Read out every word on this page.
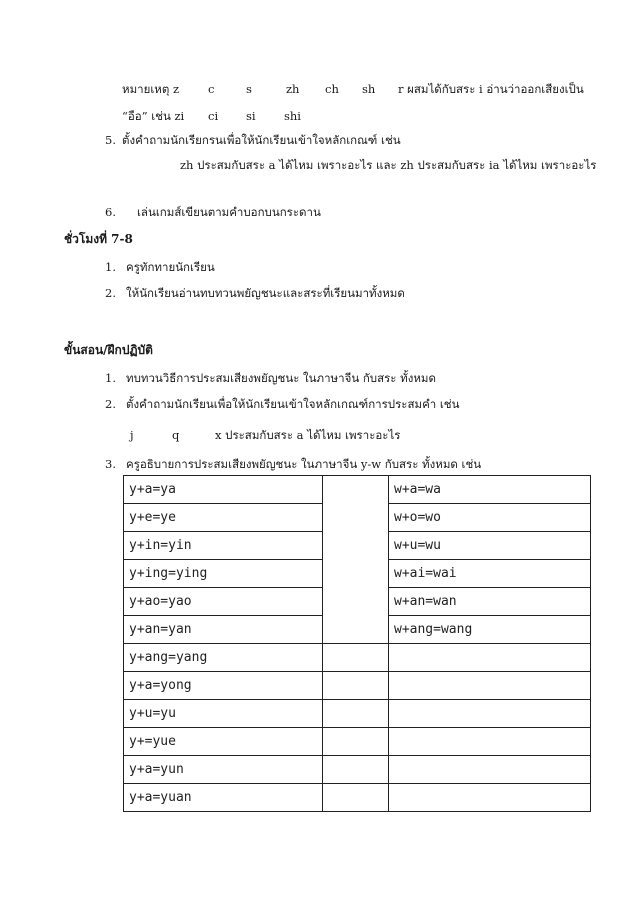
หมายเหตุ z	c	s	zh ch sh r ผสมได้กับสระ i อ่านว่าออกเสียงเป็น
“อือ” เช่น zi ci si shi
5. ตั้งคำถามนักเรียกรนเพื่อให้นักเรียนเข้าใจหลักเกณฑ์ เช่น
zh ประสมกับสระ a ได้ไหม เพราะอะไร และ zh ประสมกับสระ ia ได้ไหม เพราะอะไร
6. เล่นเกมส์เขียนตามคำบอกบนกระดาน
ชั่วโมงที่ 7-8
1. ครูทักทายนักเรียน
2. ให้นักเรียนอ่านทบทวนพยัญชนะและสระที่เรียนมาทั้งหมด
ขั้นสอน/ฝึกปฏิบัติ
1. ทบทวนวิธีการประสมเสียงพยัญชนะ ในภาษาจีน กับสระ ทั้งหมด
2. ตั้งคำถามนักเรียนเพื่อให้นักเรียนเข้าใจหลักเกณฑ์การประสมคำ เช่น
j	q	x ประสมกับสระ a ได้ไหม เพราะอะไร
3. ครูอธิบายการประสมเสียงพยัญชนะ ในภาษาจีน y-w กับสระ ทั้งหมด เช่น
y+a=ya		w+a=wa
y+e=ye		w+o=wo
y+in=yin		w+u=wu
y+ing=ying		w+ai=wai
y+ao=yao		w+an=wan
y+an=yan		w+ang=wang
y+ang=yang		
y+a=yong		
y+u=yu		
y+=yue		
y+a=yun		
y+a=yuan		
